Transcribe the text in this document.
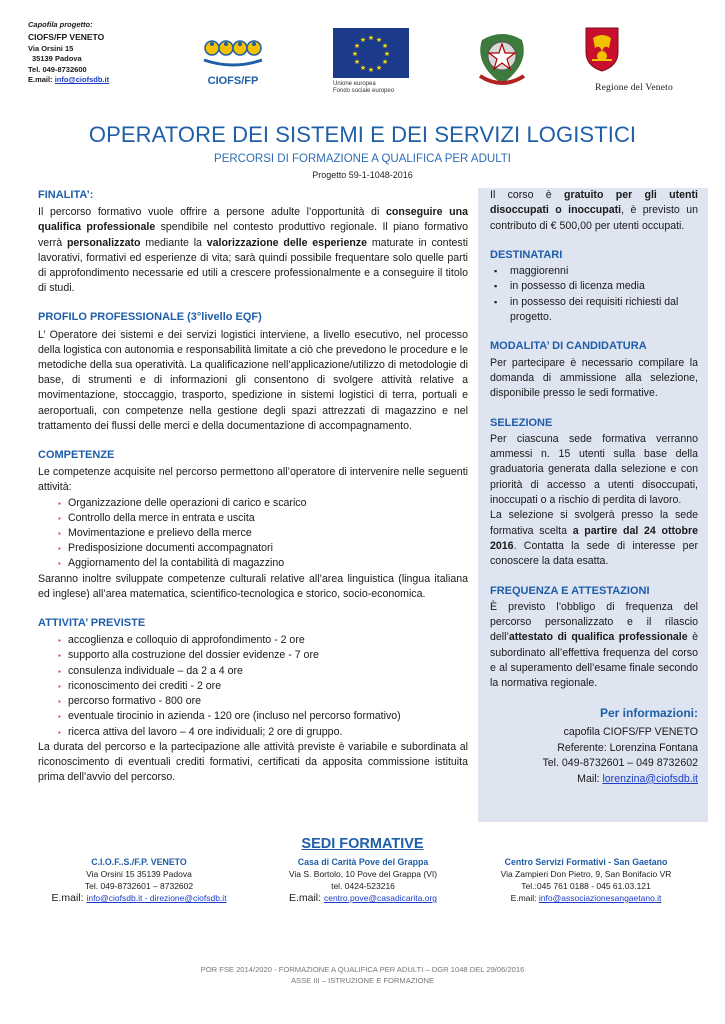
Capofila progetto:
CIOFS/FP VENETO
Via Orsini 15
35139 Padova
Tel. 049-8732600
E.mail: info@ciofsdb.it	CIOFS/FP
★ ★
★
★
★
★
★
★
★
★
★
★
Unione europea
Fondo sociale europeo	Regione del Veneto
OPERATORE DEI SISTEMI E DEI SERVIZI LOGISTICI
PERCORSI DI FORMAZIONE A QUALIFICA PER ADULTI
Progetto 59-1-1048-2016
FINALITA’:

Il percorso formativo vuole offrire a persone adulte l’opportunità di conseguire una qualifica professionale spendibile nel contesto produttivo regionale. Il piano formativo verrà personalizzato mediante la valorizzazione delle esperienze maturate in contesti lavorativi, formativi ed esperienze di vita; sarà quindi possibile frequentare solo quelle parti di approfondimento necessarie ed utili a crescere professionalmente e a conseguire il titolo di studi.

PROFILO PROFESSIONALE (3°livello EQF)

L’ Operatore dei sistemi e dei servizi logistici interviene, a livello esecutivo, nel processo della logistica con autonomia e responsabilità limitate a ciò che prevedono le procedure e le metodiche della sua operatività. La qualificazione nell’applicazione/utilizzo di metodologie di base, di strumenti e di informazioni gli consentono di svolgere attività relative a movimentazione, stoccaggio, trasporto, spedizione in sistemi logistici di terra, portuali e aeroportuali, con competenze nella gestione degli spazi attrezzati di magazzino e nel trattamento dei flussi delle merci e della documentazione di accompagnamento.

COMPETENZE

Le competenze acquisite nel percorso permettono all’operatore di intervenire nelle seguenti attività:

▪ Organizzazione delle operazioni di carico e scarico
▪ Controllo della merce in entrata e uscita
▪ Movimentazione e prelievo della merce
▪ Predisposizione documenti accompagnatori
▪ Aggiornamento del la contabilità di magazzino

Saranno inoltre sviluppate competenze culturali relative all’area linguistica (lingua italiana ed inglese) all’area matematica, scientifico-tecnologica e storico, socio-economica.

ATTIVITA’ PREVISTE
▪ accoglienza e colloquio di approfondimento - 2 ore
▪ supporto alla costruzione del dossier evidenze - 7 ore
▪ consulenza individuale – da 2 a 4 ore
▪ riconoscimento dei crediti - 2 ore
▪ percorso formativo - 800 ore
▪ eventuale tirocinio in azienda - 120 ore (incluso nel percorso formativo)
▪ ricerca attiva del lavoro – 4 ore individuali; 2 ore di gruppo.

La durata del percorso e la partecipazione alle attività previste è variabile e subordinata al riconoscimento di eventuali crediti formativi, certificati da apposita commissione istituita prima dell’avvio del percorso.

Il corso è gratuito per gli utenti disoccupati o inoccupati, è previsto un contributo di € 500,00 per utenti occupati.

DESTINATARI
▪ maggiorenni
▪ in possesso di licenza media
▪ in possesso dei requisiti richiesti dal progetto.
MODALITA’ DI CANDIDATURA

Per partecipare è necessario compilare la domanda di ammissione alla selezione, disponibile presso le sedi formative.

SELEZIONE

Per ciascuna sede formativa verranno ammessi n. 15 utenti sulla base della graduatoria generata dalla selezione e con priorità di accesso a utenti disoccupati, inoccupati o a rischio di perdita di lavoro.

La selezione si svolgerà presso la sede formativa scelta a partire dal 24 ottobre 2016. Contatta la sede di interesse per conoscere la data esatta.

FREQUENZA E ATTESTAZIONI

È previsto l’obbligo di frequenza del percorso personalizzato e il rilascio dell’attestato di qualifica professionale è subordinato all’effettiva frequenza del corso e al superamento dell’esame finale secondo la normativa regionale.

Per informazioni:
capofila CIOFS/FP VENETO
Referente: Lorenzina Fontana
Tel. 049-8732601 – 049 8732602
Mail: lorenzina@ciofsdb.it
SEDI FORMATIVE
C.I.O.F..S./F.P. VENETO
Via Orsini 15 35139 Padova
Tel. 049-8732601 – 8732602
E.mail: info@ciofsdb.it - direzione@ciofsdb.it
Casa di Carità Pove del Grappa
Via S. Bortolo, 10 Pove del Grappa (VI)
tel. 0424-523216
E.mail: centro.pove@casadicarita.org
Centro Servizi Formativi - San Gaetano
Via Zampieri Don Pietro, 9, San Bonifacio VR
Tel.:045 761 0188 - 045 61.03.121
E.mail: info@associazionesangaetano.it
POR FSE 2014/2020 - FORMAZIONE A QUALIFICA PER ADULTI – DGR 1048 DEL 29/06/2016
ASSE III – ISTRUZIONE E FORMAZIONE
